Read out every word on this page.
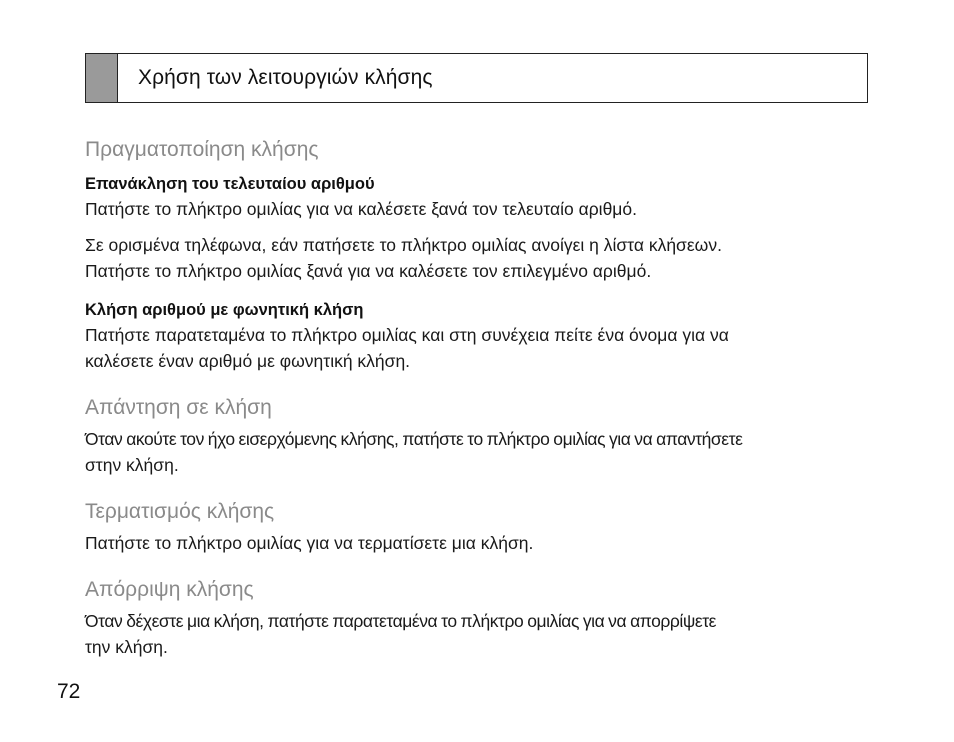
Χρήση των λειτουργιών κλήσης
Πραγματοποίηση κλήσης
Επανάκληση του τελευταίου αριθμού

Πατήστε το πλήκτρο ομιλίας για να καλέσετε ξανά τον τελευταίο αριθμό.

Σε ορισμένα τηλέφωνα, εάν πατήσετε το πλήκτρο ομιλίας ανοίγει η λίστα κλήσεων.

Πατήστε το πλήκτρο ομιλίας ξανά για να καλέσετε τον επιλεγμένο αριθμό.

Κλήση αριθμού με φωνητική κλήση

Πατήστε παρατεταμένα το πλήκτρο ομιλίας και στη συνέχεια πείτε ένα όνομα για να

καλέσετε έναν αριθμό με φωνητική κλήση.

Απάντηση σε κλήση

Όταν ακούτε τον ήχο εισερχόμενης κλήσης, πατήστε το πλήκτρο ομιλίας για να απαντήσετε

στην κλήση.

Τερματισμός κλήσης

Πατήστε το πλήκτρο ομιλίας για να τερματίσετε μια κλήση.

Απόρριψη κλήσης

Όταν δέχεστε μια κλήση, πατήστε παρατεταμένα το πλήκτρο ομιλίας για να απορρίψετε

την κλήση.

72
